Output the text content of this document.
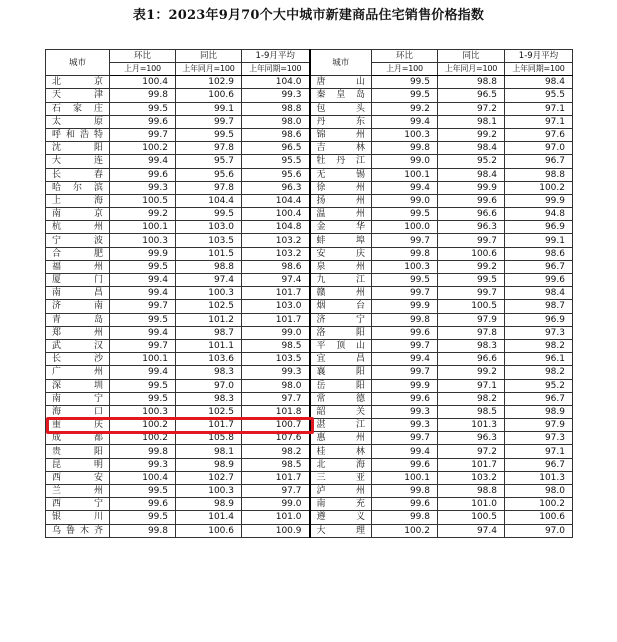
表1：2023年9月70个大中城市新建商品住宅销售价格指数
城市	环比	同比	1-9月平均	城市	环比	同比	1-9月平均
	上月=100	上年同月=100	上年同期=100		上月=100	上年同月=100	上年同期=100
北京	100.4	102.9	104.0	唐山	99.5	98.8	98.4
天津	99.8	100.6	99.3	秦皇岛	99.5	96.5	95.5
石家庄	99.5	99.1	98.8	包头	99.2	97.2	97.1
太原	99.6	99.7	98.0	丹东	99.4	98.1	97.1
呼和浩特	99.7	99.5	98.6	锦州	100.3	99.2	97.6
沈阳	100.2	97.8	96.5	吉林	99.8	98.4	97.0
大连	99.4	95.7	95.5	牡丹江	99.0	95.2	96.7
长春	99.6	95.6	95.6	无锡	100.1	98.4	98.8
哈尔滨	99.3	97.8	96.3	徐州	99.4	99.9	100.2
上海	100.5	104.4	104.4	扬州	99.0	99.6	99.9
南京	99.2	99.5	100.4	温州	99.5	96.6	94.8
杭州	100.1	103.0	104.8	金华	100.0	96.3	96.9
宁波	100.3	103.5	103.2	蚌埠	99.7	99.7	99.1
合肥	99.9	101.5	103.2	安庆	99.8	100.6	98.6
福州	99.5	98.8	98.6	泉州	100.3	99.2	96.7
厦门	99.4	97.4	97.4	九江	99.5	99.5	99.6
南昌	99.4	100.3	101.7	赣州	99.7	99.7	98.4
济南	99.7	102.5	103.0	烟台	99.9	100.5	98.7
青岛	99.5	101.2	101.7	济宁	99.8	97.9	96.9
郑州	99.4	98.7	99.0	洛阳	99.6	97.8	97.3
武汉	99.7	101.1	98.5	平顶山	99.7	98.3	98.2
长沙	100.1	103.6	103.5	宜昌	99.4	96.6	96.1
广州	99.4	98.3	99.3	襄阳	99.7	99.2	98.2
深圳	99.5	97.0	98.0	岳阳	99.9	97.1	95.2
南宁	99.5	98.3	97.7	常德	99.6	98.2	96.7
海口	100.3	102.5	101.8	韶关	99.3	98.5	98.9
重庆	100.2	101.7	100.7	湛江	99.3	101.3	97.9
成都	100.2	105.8	107.6	惠州	99.7	96.3	97.3
贵阳	99.8	98.1	98.2	桂林	99.4	97.2	97.1
昆明	99.3	98.9	98.5	北海	99.6	101.7	96.7
西安	100.4	102.7	101.7	三亚	100.1	103.2	101.3
兰州	99.5	100.3	97.7	泸州	99.8	98.8	98.0
西宁	99.6	98.9	99.0	南充	99.6	101.0	100.2
银川	99.5	101.4	101.0	遵义	99.8	100.5	100.6
乌鲁木齐	99.8	100.6	100.9	大理	100.2	97.4	97.0
